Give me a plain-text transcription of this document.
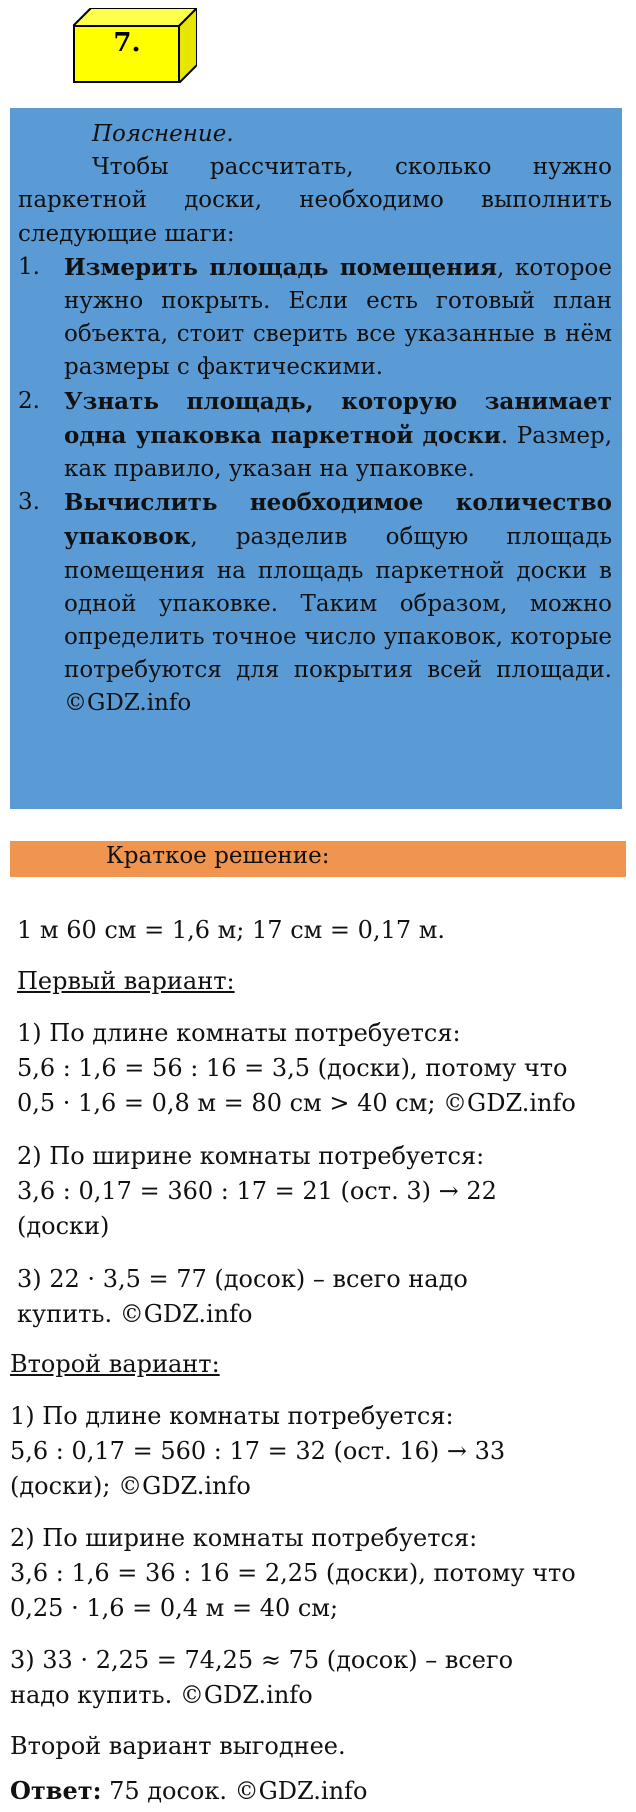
7.

Пояснение.

Чтобы рассчитать, сколько нужно паркетной доски, необходимо выполнить следующие шаги:

1. Измерить площадь помещения, которое нужно покрыть. Если есть готовый план объекта, стоит сверить все указанные в нём размеры с фактическими.
2. Узнать площадь, которую занимает одна упаковка паркетной доски. Размер, как правило, указан на упаковке.
3. Вычислить необходимое количество упаковок, разделив общую площадь помещения на площадь паркетной доски в одной упаковке. Таким образом, можно определить точное число упаковок, которые потребуются для покрытия всей площади. ©GDZ.info
Краткое решение:
1 м 60 см = 1,6 м; 17 см = 0,17 м.
Первый вариант:
1) По длине комнаты потребуется:
5,6 : 1,6 = 56 : 16 = 3,5 (доски), потому что
0,5 · 1,6 = 0,8 м = 80 см > 40 см; ©GDZ.info
2) По ширине комнаты потребуется:
3,6 : 0,17 = 360 : 17 = 21 (ост. 3) → 22
(доски)
3) 22 · 3,5 = 77 (досок) – всего надо
купить. ©GDZ.info
Второй вариант:
1) По длине комнаты потребуется:
5,6 : 0,17 = 560 : 17 = 32 (ост. 16) → 33
(доски); ©GDZ.info
2) По ширине комнаты потребуется:
3,6 : 1,6 = 36 : 16 = 2,25 (доски), потому что
0,25 · 1,6 = 0,4 м = 40 см;
3) 33 · 2,25 = 74,25 ≈ 75 (досок) – всего
надо купить. ©GDZ.info
Второй вариант выгоднее.
Ответ: 75 досок. ©GDZ.info
